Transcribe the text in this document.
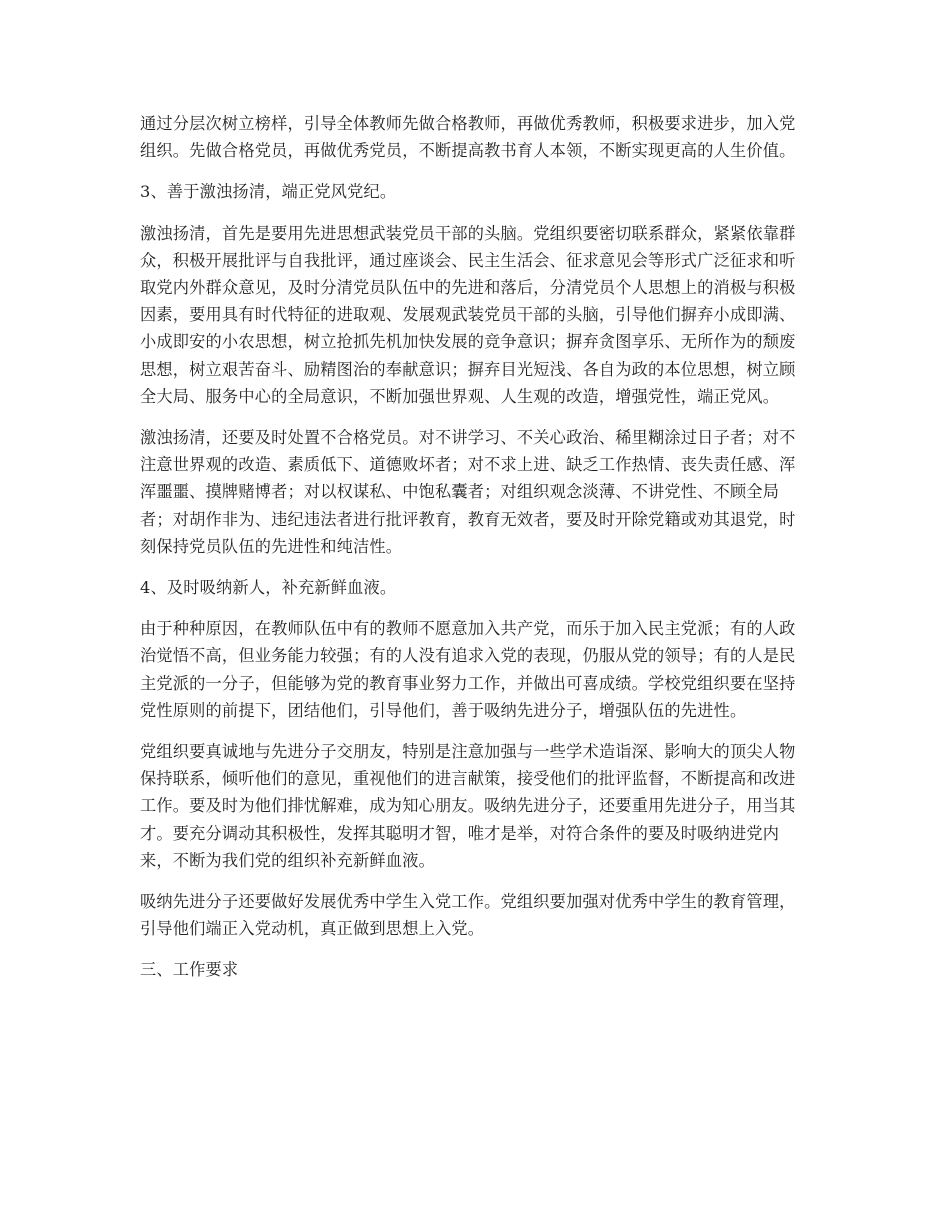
通过分层次树立榜样，引导全体教师先做合格教师，再做优秀教师，积极要求进步，加入党组织。先做合格党员，再做优秀党员，不断提高教书育人本领，不断实现更高的人生价值。

3、善于激浊扬清，端正党风党纪。

激浊扬清，首先是要用先进思想武装党员干部的头脑。党组织要密切联系群众，紧紧依靠群众，积极开展批评与自我批评，通过座谈会、民主生活会、征求意见会等形式广泛征求和听取党内外群众意见，及时分清党员队伍中的先进和落后，分清党员个人思想上的消极与积极因素，要用具有时代特征的进取观、发展观武装党员干部的头脑，引导他们摒弃小成即满、小成即安的小农思想，树立抢抓先机加快发展的竞争意识；摒弃贪图享乐、无所作为的颓废思想，树立艰苦奋斗、励精图治的奉献意识；摒弃目光短浅、各自为政的本位思想，树立顾全大局、服务中心的全局意识，不断加强世界观、人生观的改造，增强党性，端正党风。

激浊扬清，还要及时处置不合格党员。对不讲学习、不关心政治、稀里糊涂过日子者；对不注意世界观的改造、素质低下、道德败坏者；对不求上进、缺乏工作热情、丧失责任感、浑浑噩噩、摸牌赌博者；对以权谋私、中饱私囊者；对组织观念淡薄、不讲党性、不顾全局者；对胡作非为、违纪违法者进行批评教育，教育无效者，要及时开除党籍或劝其退党，时刻保持党员队伍的先进性和纯洁性。

4、及时吸纳新人，补充新鲜血液。

由于种种原因，在教师队伍中有的教师不愿意加入共产党，而乐于加入民主党派；有的人政治觉悟不高，但业务能力较强；有的人没有追求入党的表现，仍服从党的领导；有的人是民主党派的一分子，但能够为党的教育事业努力工作，并做出可喜成绩。学校党组织要在坚持党性原则的前提下，团结他们，引导他们，善于吸纳先进分子，增强队伍的先进性。

党组织要真诚地与先进分子交朋友，特别是注意加强与一些学术造诣深、影响大的顶尖人物保持联系，倾听他们的意见，重视他们的进言献策，接受他们的批评监督，不断提高和改进工作。要及时为他们排忧解难，成为知心朋友。吸纳先进分子，还要重用先进分子，用当其才。要充分调动其积极性，发挥其聪明才智，唯才是举，对符合条件的要及时吸纳进党内来，不断为我们党的组织补充新鲜血液。

吸纳先进分子还要做好发展优秀中学生入党工作。党组织要加强对优秀中学生的教育管理，引导他们端正入党动机，真正做到思想上入党。

三、工作要求
